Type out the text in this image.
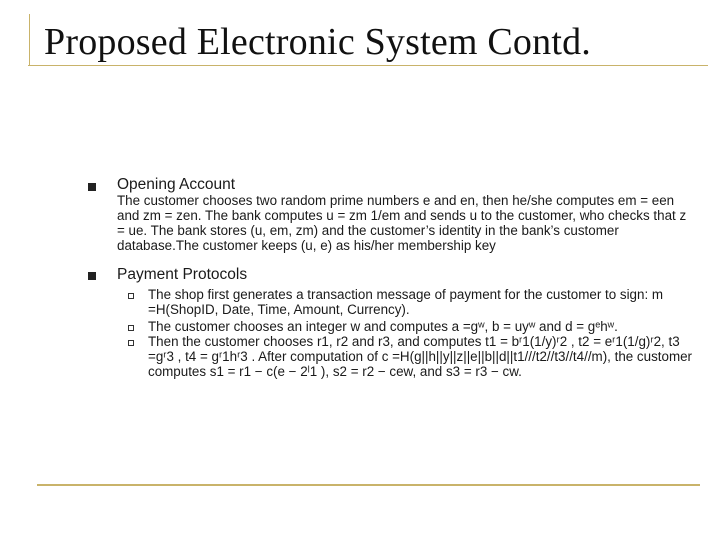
Proposed Electronic System Contd.
Opening Account
The customer chooses two random prime numbers e and en, then he/she computes em = een and zm = zen. The bank computes u = zm 1/em and sends u to the customer, who checks that z = ue. The bank stores (u, em, zm) and the customer’s identity in the bank’s customer database.The customer keeps (u, e) as his/her membership key
Payment Protocols
The shop first generates a transaction message of payment for the customer to sign: m =H(ShopID, Date, Time, Amount, Currency).
The customer chooses an integer w and computes a =gʷ, b = uyʷ and d = gᵉhʷ.
Then the customer chooses r1, r2 and r3, and computes t1 = bʳ1(1/y)ʳ2 , t2 = eʳ1(1/g)ʳ2, t3 =gʳ3 , t4 = gʳ1hʳ3 . After computation of c =H(g||h||y||z||e||b||d||t1///t2//t3//t4//m), the customer computes s1 = r1 − c(e − 2ˡ1 ), s2 = r2 − cew, and s3 = r3 − cw.
